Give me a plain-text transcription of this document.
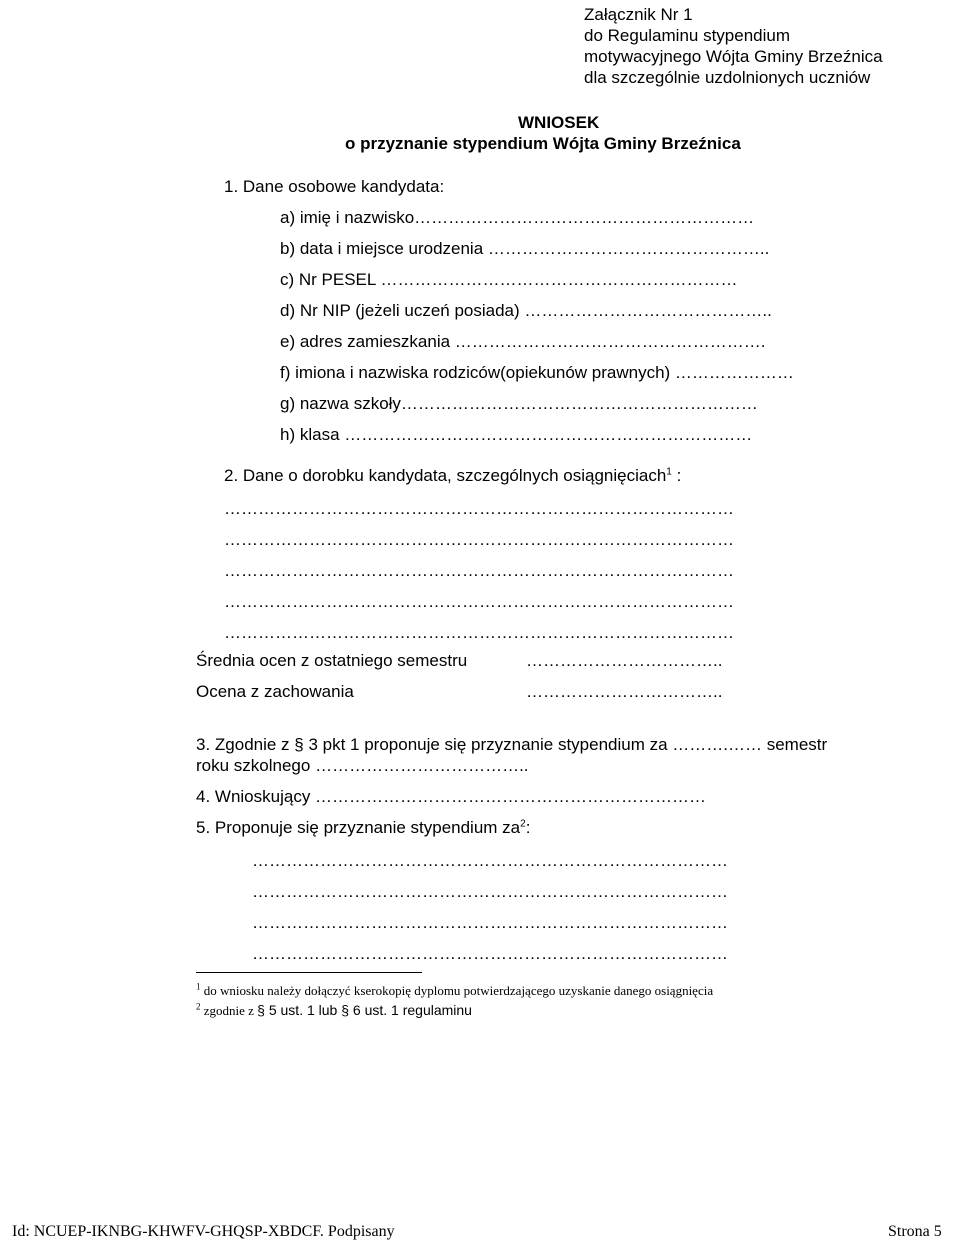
Załącznik Nr 1
do Regulaminu stypendium
motywacyjnego Wójta Gminy Brzeźnica
dla szczególnie uzdolnionych uczniów
WNIOSEK
o przyznanie stypendium Wójta Gminy Brzeźnica
1. Dane osobowe kandydata:
a) imię i nazwisko……………………………………………………
b) data i miejsce urodzenia …………………………………………..
c) Nr PESEL ………………………………………………………
d) Nr NIP (jeżeli uczeń posiada) ……………………………………..
e) adres zamieszkania ……………………………………………….
f) imiona i nazwiska rodziców(opiekunów prawnych) …………………
g) nazwa szkoły………………………………………………………
h) klasa ………………………………………………………………
2. Dane o dorobku kandydata, szczególnych osiągnięciach$^1$ :
………………………………………………………………………………
………………………………………………………………………………
………………………………………………………………………………
………………………………………………………………………………
………………………………………………………………………………
Średnia ocen z ostatniego semestru	……………………………..
Ocena z zachowania	……………………………..
3. Zgodnie z § 3 pkt 1 proponuje się przyznanie stypendium za ……….…… semestr
roku szkolnego ………………………………..
4. Wnioskujący ……………………………………………………………
5. Proponuje się przyznanie stypendium $za^2$:
…………………………………………………………………………
…………………………………………………………………………
…………………………………………………………………………
…………………………………………………………………………
$^1$ do wniosku należy dołączyć kserokopię dyplomu potwierdzającego uzyskanie danego osiągnięcia
$^2$ zgodnie z § 5 ust. 1 lub § 6 ust. 1 regulaminu
Id: NCUEP-IKNBG-KHWFV-GHQSP-XBDCF. Podpisany	Strona 5
